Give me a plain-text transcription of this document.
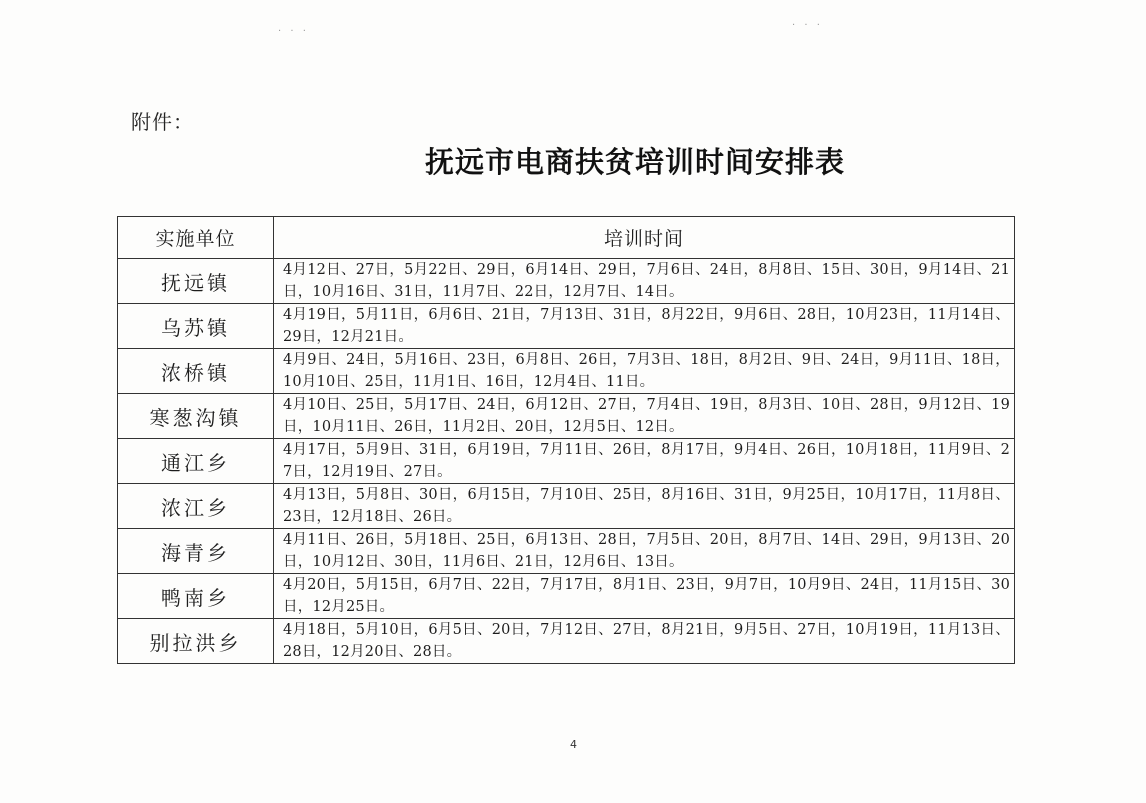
· · ·
· · ·
附件：
抚远市电商扶贫培训时间安排表
实施单位	培训时间
抚远镇	4月12日、27日，5月22日、29日，6月14日、29日，7月6日、24日，8月8日、15日、30日，9月14日、21日，10月16日、31日，11月7日、22日，12月7日、14日。
乌苏镇	4月19日，5月11日，6月6日、21日，7月13日、31日，8月22日，9月6日、28日，10月23日，11月14日、29日，12月21日。
浓桥镇	4月9日、24日，5月16日、23日，6月8日、26日，7月3日、18日，8月2日、9日、24日，9月11日、18日，10月10日、25日，11月1日、16日，12月4日、11日。
寒葱沟镇	4月10日、25日，5月17日、24日，6月12日、27日，7月4日、19日，8月3日、10日、28日，9月12日、19日，10月11日、26日，11月2日、20日，12月5日、12日。
通江乡	4月17日，5月9日、31日，6月19日，7月11日、26日，8月17日，9月4日、26日，10月18日，11月9日、27日，12月19日、27日。
浓江乡	4月13日，5月8日、30日，6月15日，7月10日、25日，8月16日、31日，9月25日，10月17日，11月8日、23日，12月18日、26日。
海青乡	4月11日、26日，5月18日、25日，6月13日、28日，7月5日、20日，8月7日、14日、29日，9月13日、20日，10月12日、30日，11月6日、21日，12月6日、13日。
鸭南乡	4月20日，5月15日，6月7日、22日，7月17日，8月1日、23日，9月7日，10月9日、24日，11月15日、30日，12月25日。
别拉洪乡	4月18日，5月10日，6月5日、20日，7月12日、27日，8月21日，9月5日、27日，10月19日，11月13日、28日，12月20日、28日。
4
